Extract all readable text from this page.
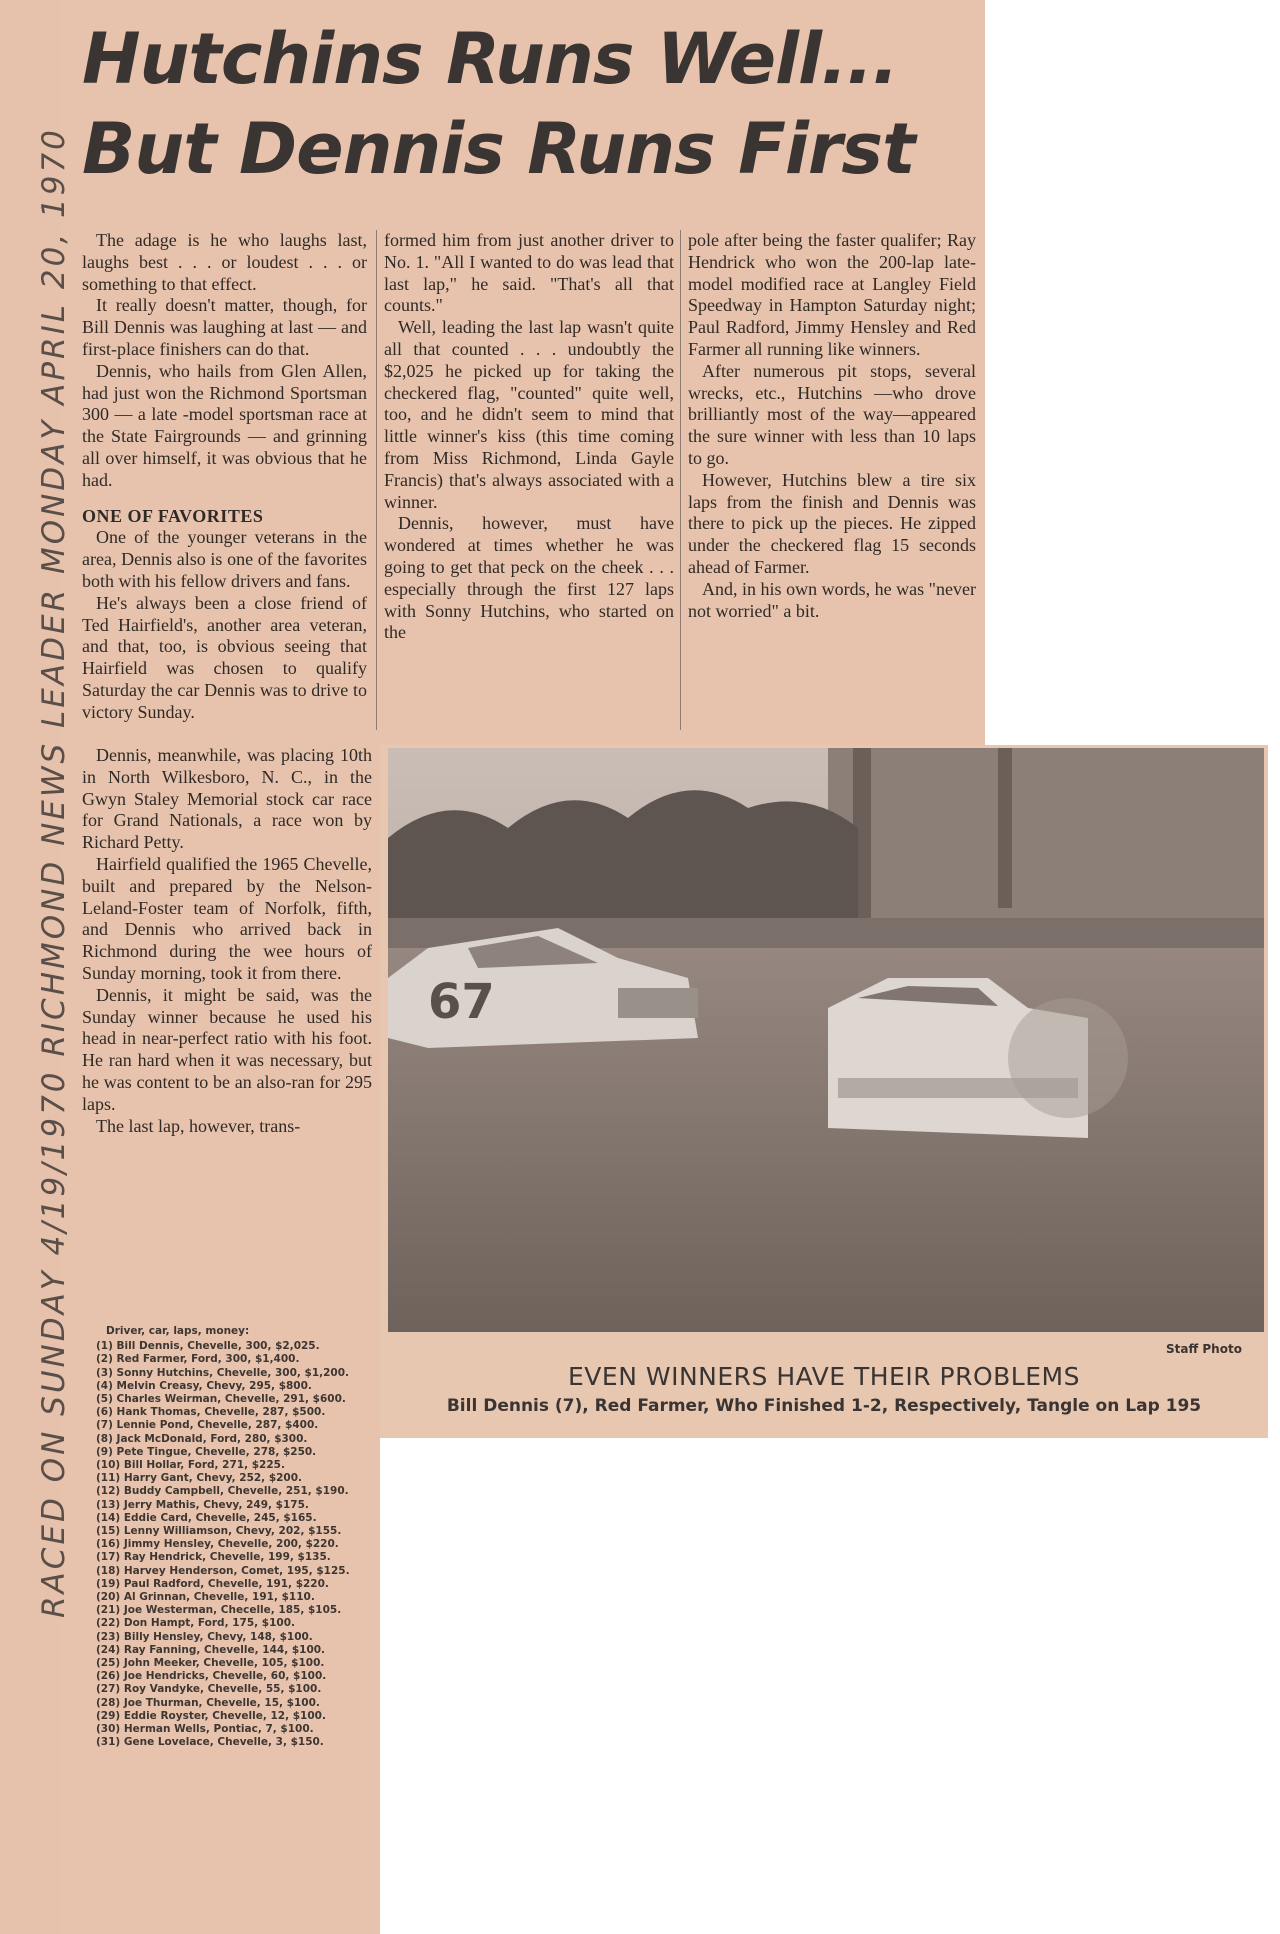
RACED ON SUNDAY 4/19/1970 RICHMOND NEWS LEADER MONDAY APRIL 20, 1970
Hutchins Runs Well...
But Dennis Runs First

The adage is he who laughs last, laughs best . . . or loudest . . . or something to that effect.

It really doesn't matter, though, for Bill Dennis was laughing at last — and first-place finishers can do that.

Dennis, who hails from Glen Allen, had just won the Richmond Sportsman 300 — a late -model sportsman race at the State Fairgrounds — and grinning all over himself, it was obvious that he had.

ONE OF FAVORITES

One of the younger veterans in the area, Dennis also is one of the favorites both with his fellow drivers and fans.

He's always been a close friend of Ted Hairfield's, another area veteran, and that, too, is obvious seeing that Hairfield was chosen to qualify Saturday the car Dennis was to drive to victory Sunday.

formed him from just another driver to No. 1. "All I wanted to do was lead that last lap," he said. "That's all that counts."

Well, leading the last lap wasn't quite all that counted . . . undoubtly the $2,025 he picked up for taking the checkered flag, "counted" quite well, too, and he didn't seem to mind that little winner's kiss (this time coming from Miss Richmond, Linda Gayle Francis) that's always associated with a winner.

Dennis, however, must have wondered at times whether he was going to get that peck on the cheek . . . especially through the first 127 laps with Sonny Hutchins, who started on the

pole after being the faster qualifer; Ray Hendrick who won the 200-lap late-model modified race at Langley Field Speedway in Hampton Saturday night; Paul Radford, Jimmy Hensley and Red Farmer all running like winners.

After numerous pit stops, several wrecks, etc., Hutchins —who drove brilliantly most of the way—appeared the sure winner with less than 10 laps to go.

However, Hutchins blew a tire six laps from the finish and Dennis was there to pick up the pieces. He zipped under the checkered flag 15 seconds ahead of Farmer.

And, in his own words, he was "never not worried" a bit.

Dennis, meanwhile, was placing 10th in North Wilkesboro, N. C., in the Gwyn Staley Memorial stock car race for Grand Nationals, a race won by Richard Petty.

Hairfield qualified the 1965 Chevelle, built and prepared by the Nelson-Leland-Foster team of Norfolk, fifth, and Dennis who arrived back in Richmond during the wee hours of Sunday morning, took it from there.

Dennis, it might be said, was the Sunday winner because he used his head in near-perfect ratio with his foot. He ran hard when it was necessary, but he was content to be an also-ran for 295 laps.

The last lap, however, trans-

67
Staff Photo
EVEN WINNERS HAVE THEIR PROBLEMS
Bill Dennis (7), Red Farmer, Who Finished 1-2, Respectively, Tangle on Lap 195
Driver, car, laps, money:
(1) Bill Dennis, Chevelle, 300, $2,025.
(2) Red Farmer, Ford, 300, $1,400.
(3) Sonny Hutchins, Chevelle, 300, $1,200.
(4) Melvin Creasy, Chevy, 295, $800.
(5) Charles Weirman, Chevelle, 291, $600.
(6) Hank Thomas, Chevelle, 287, $500.
(7) Lennie Pond, Chevelle, 287, $400.
(8) Jack McDonald, Ford, 280, $300.
(9) Pete Tingue, Chevelle, 278, $250.
(10) Bill Hollar, Ford, 271, $225.
(11) Harry Gant, Chevy, 252, $200.
(12) Buddy Campbell, Chevelle, 251, $190.
(13) Jerry Mathis, Chevy, 249, $175.
(14) Eddie Card, Chevelle, 245, $165.
(15) Lenny Williamson, Chevy, 202, $155.
(16) Jimmy Hensley, Chevelle, 200, $220.
(17) Ray Hendrick, Chevelle, 199, $135.
(18) Harvey Henderson, Comet, 195, $125.
(19) Paul Radford, Chevelle, 191, $220.
(20) Al Grinnan, Chevelle, 191, $110.
(21) Joe Westerman, Checelle, 185, $105.
(22) Don Hampt, Ford, 175, $100.
(23) Billy Hensley, Chevy, 148, $100.
(24) Ray Fanning, Chevelle, 144, $100.
(25) John Meeker, Chevelle, 105, $100.
(26) Joe Hendricks, Chevelle, 60, $100.
(27) Roy Vandyke, Chevelle, 55, $100.
(28) Joe Thurman, Chevelle, 15, $100.
(29) Eddie Royster, Chevelle, 12, $100.
(30) Herman Wells, Pontiac, 7, $100.
(31) Gene Lovelace, Chevelle, 3, $150.
